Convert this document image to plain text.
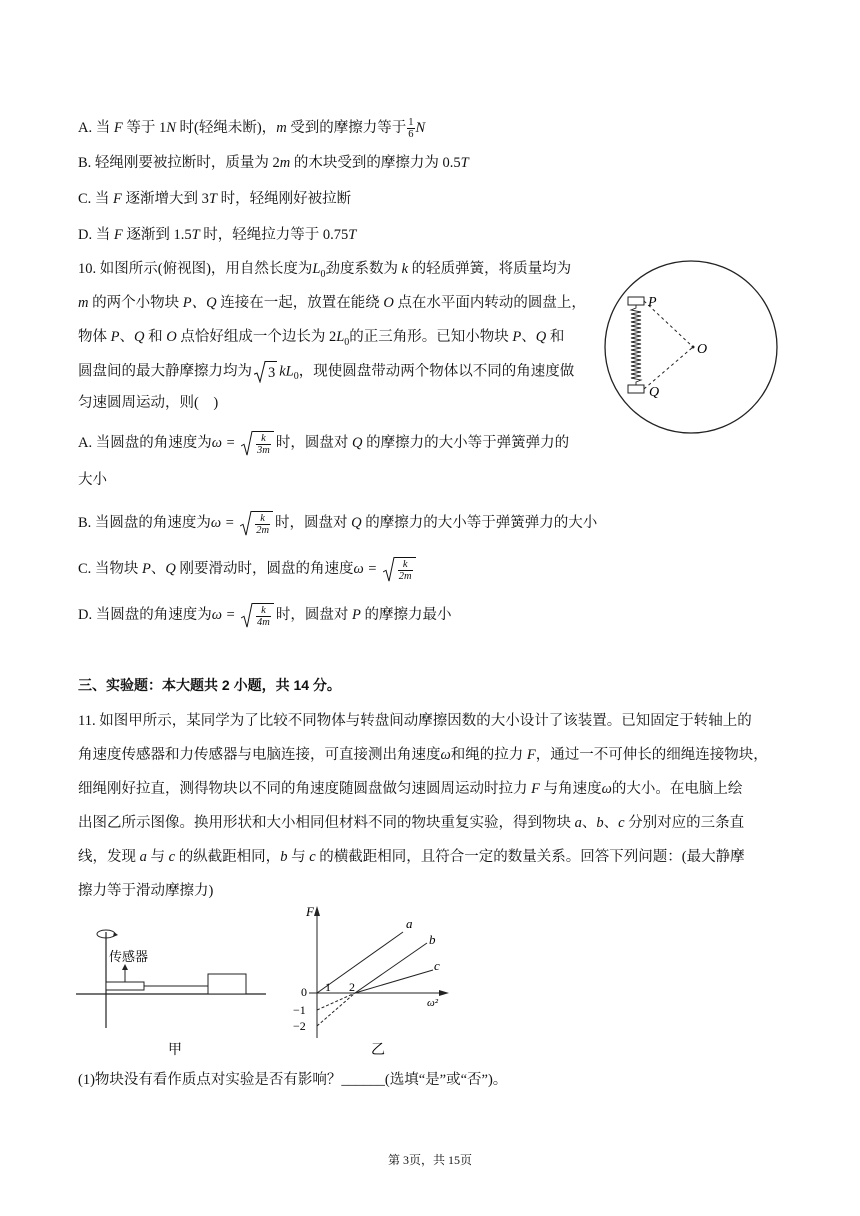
A. 当 F 等于 1N 时(轻绳未断)，m 受到的摩擦力等于 $\frac{1}{6}$ N
B. 轻绳刚要被拉断时，质量为 2m 的木块受到的摩擦力为 0.5T
C. 当 F 逐渐增大到 3T 时，轻绳刚好被拉断
D. 当 F 逐渐到 1.5T 时，轻绳拉力等于 0.75T
10. 如图所示(俯视图)，用自然长度为$L_0$劲度系数为 k 的轻质弹簧，将质量均为
m 的两个小物块 P、Q 连接在一起，放置在能绕 O 点在水平面内转动的圆盘上，
物体 P、Q 和 O 点恰好组成一个边长为 $2L_0$的正三角形。已知小物块 P、Q 和
圆盘间的最大静摩擦力均为 3 $kL_0$，现使圆盘带动两个物体以不同的角速度做
匀速圆周运动，则(　)
A. 当圆盘的角速度为$\omega = \frac{k}{3m}$ 时，圆盘对 Q 的摩擦力的大小等于弹簧弹力的
大小
B. 当圆盘的角速度为$\omega = \frac{k}{2m}$ 时，圆盘对 Q 的摩擦力的大小等于弹簧弹力的大小
C. 当物块 P、Q 刚要滑动时，圆盘的角速度$\omega = \frac{k}{2m}$
D. 当圆盘的角速度为$\omega = \frac{k}{4m}$ 时，圆盘对 P 的摩擦力最小
P
Q
O
三、实验题：本大题共 2 小题，共 14 分。
11. 如图甲所示，某同学为了比较不同物体与转盘间动摩擦因数的大小设计了该装置。已知固定于转轴上的
角速度传感器和力传感器与电脑连接，可直接测出角速度ω和绳的拉力 F，通过一不可伸长的细绳连接物块，
细绳刚好拉直，测得物块以不同的角速度随圆盘做匀速圆周运动时拉力 F 与角速度ω的大小。在电脑上绘
出图乙所示图像。换用形状和大小相同但材料不同的物块重复实验，得到物块 a、b、c 分别对应的三条直
线，发现 a 与 c 的纵截距相同，b 与 c 的横截距相同，且符合一定的数量关系。回答下列问题：(最大静摩
擦力等于滑动摩擦力)
传感器
甲
F
a
b
c
0 1 2
−1
−2
ω²
乙
(1)物块没有看作质点对实验是否有影响？______(选填“是”或“否”)。
第 3页，共 15页
